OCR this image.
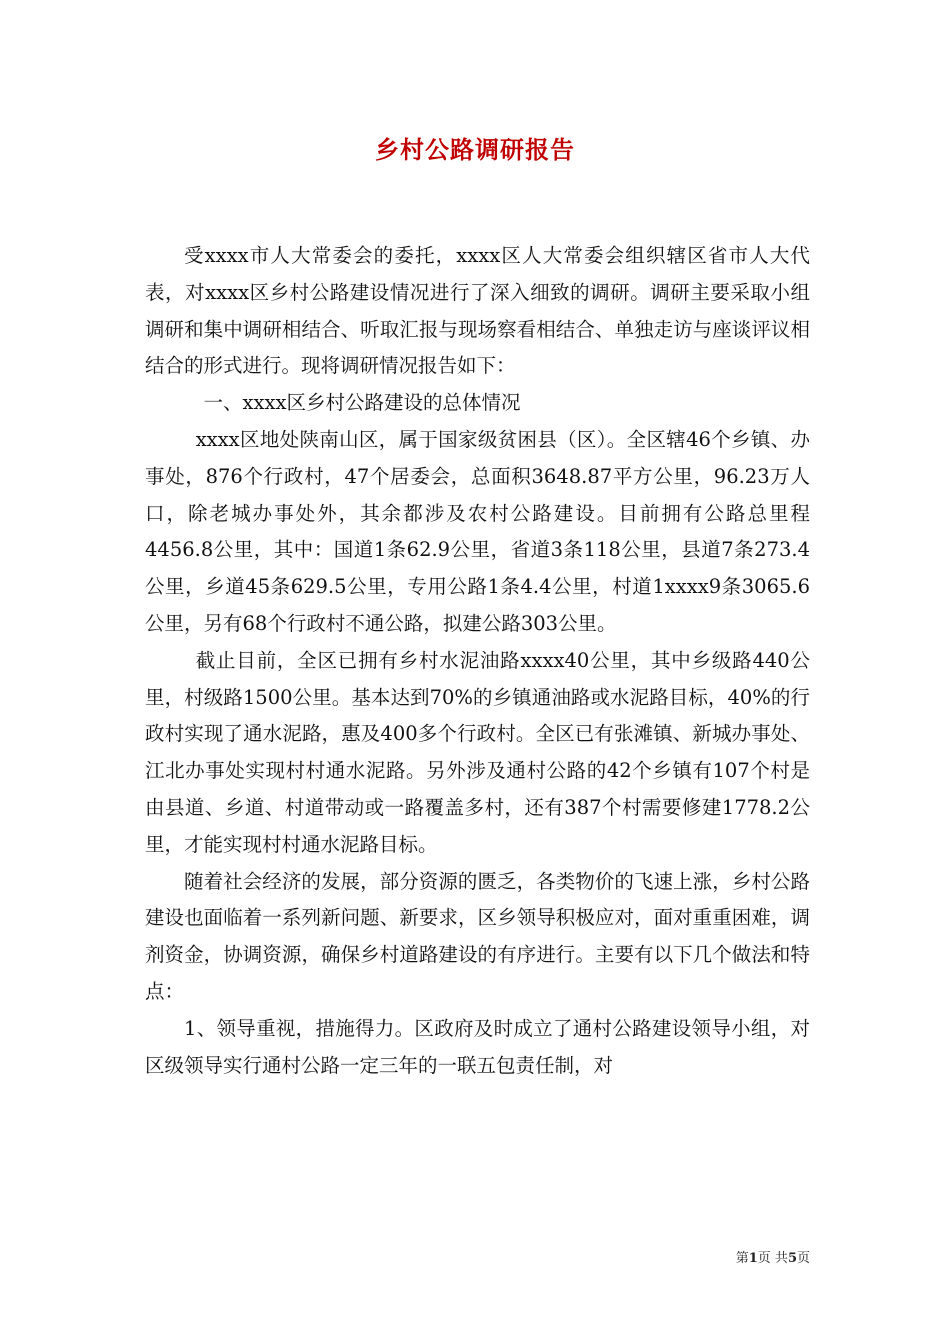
乡村公路调研报告

受xxxx市人大常委会的委托，xxxx区人大常委会组织辖区省市人大代表，对xxxx区乡村公路建设情况进行了深入细致的调研。调研主要采取小组调研和集中调研相结合、听取汇报与现场察看相结合、单独走访与座谈评议相结合的形式进行。现将调研情况报告如下：

一、xxxx区乡村公路建设的总体情况

xxxx区地处陕南山区，属于国家级贫困县（区）。全区辖46个乡镇、办事处，876个行政村，47个居委会，总面积3648.87平方公里，96.23万人口，除老城办事处外，其余都涉及农村公路建设。目前拥有公路总里程4456.8公里，其中：国道1条62.9公里，省道3条118公里，县道7条273.4公里，乡道45条629.5公里，专用公路1条4.4公里，村道1xxxx9条3065.6公里，另有68个行政村不通公路，拟建公路303公里。

截止目前，全区已拥有乡村水泥油路xxxx40公里，其中乡级路440公里，村级路1500公里。基本达到70%的乡镇通油路或水泥路目标，40%的行政村实现了通水泥路，惠及400多个行政村。全区已有张滩镇、新城办事处、江北办事处实现村村通水泥路。另外涉及通村公路的42个乡镇有107个村是由县道、乡道、村道带动或一路覆盖多村，还有387个村需要修建1778.2公里，才能实现村村通水泥路目标。

随着社会经济的发展，部分资源的匮乏，各类物价的飞速上涨，乡村公路建设也面临着一系列新问题、新要求，区乡领导积极应对，面对重重困难，调剂资金，协调资源，确保乡村道路建设的有序进行。主要有以下几个做法和特点：

1、领导重视，措施得力。区政府及时成立了通村公路建设领导小组，对区级领导实行通村公路一定三年的一联五包责任制，对

第1页 共5页
